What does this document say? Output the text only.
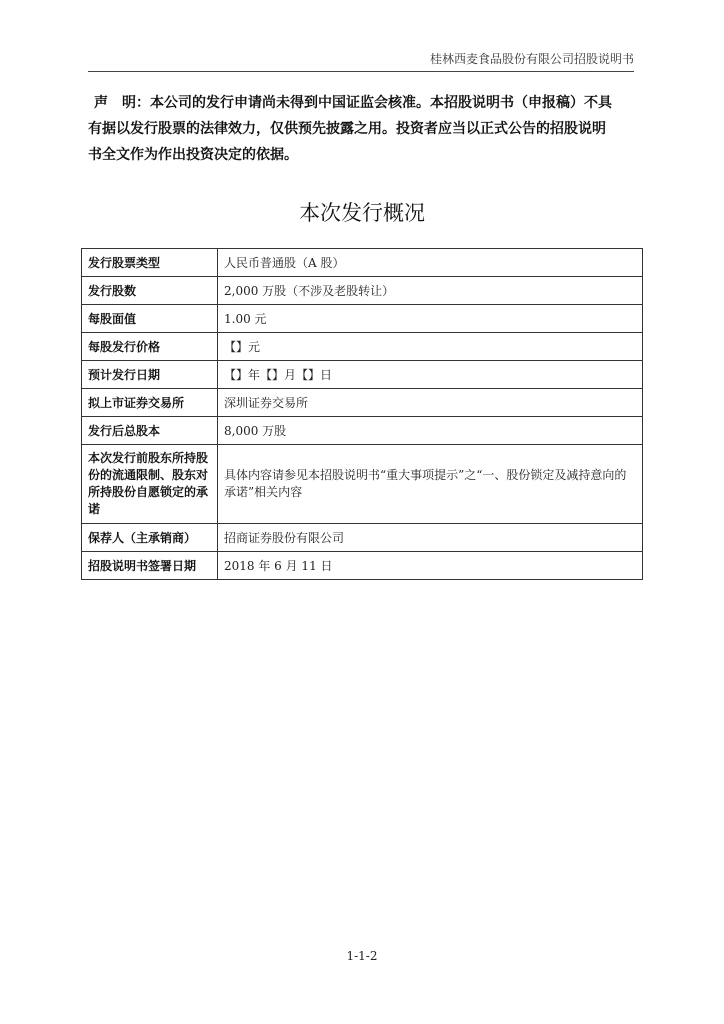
桂林西麦食品股份有限公司招股说明书
声　明：本公司的发行申请尚未得到中国证监会核准。本招股说明书（申报稿）不具
有据以发行股票的法律效力，仅供预先披露之用。投资者应当以正式公告的招股说明
书全文作为作出投资决定的依据。
本次发行概况
发行股票类型	人民币普通股（A 股）
发行股数	2,000 万股（不涉及老股转让）
每股面值	1.00 元
每股发行价格	【】元
预计发行日期	【】年【】月【】日
拟上市证券交易所	深圳证券交易所
发行后总股本	8,000 万股
本次发行前股东所持股份的流通限制、股东对所持股份自愿锁定的承诺	具体内容请参见本招股说明书“重大事项提示”之“一、股份锁定及减持意向的承诺”相关内容
保荐人（主承销商）	招商证券股份有限公司
招股说明书签署日期	2018 年 6 月 11 日
1-1-2
